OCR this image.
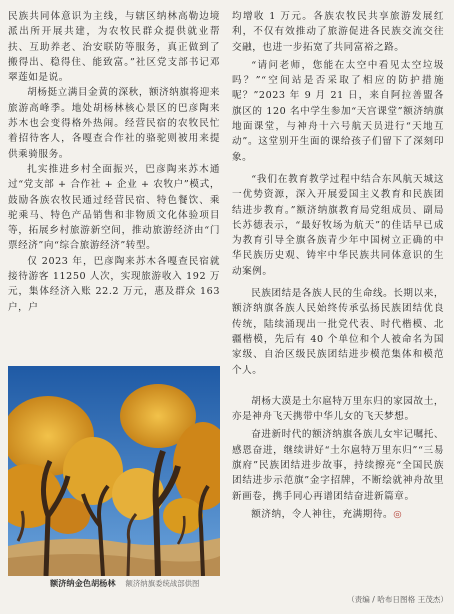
民族共同体意识为主线，与辖区纳林高勒边境派出所开展共建，为农牧民群众提供就业帮扶、互助养老、治安联防等服务，真正做到了搬得出、稳得住、能致富。”社区党支部书记邓翠莲如是说。

胡杨挺立满目金黄的深秋，额济纳旗将迎来旅游高峰季。地处胡杨林核心景区的巴彦陶来苏木也会变得格外热闹。经营民宿的农牧民忙着招待客人，各嘎查合作社的骆驼则被用来提供乘骑服务。

扎实推进乡村全面振兴，巴彦陶来苏木通过“党支部 + 合作社 + 企业 + 农牧户”模式，鼓励各族农牧民通过经营民宿、特色餐饮、乘驼乘马、特色产品销售和非物质文化体验项目等，拓展乡村旅游新空间，推动旅游经济由“门票经济”向“综合旅游经济”转型。

仅 2023 年，巴彦陶来苏木各嘎查民宿就接待游客 11250 人次，实现旅游收入 192 万元，集体经济入账 22.2 万元，惠及群众 163 户，户

额济纳金色胡杨林 额济纳旗委统战部供图

均增收 1 万元。各族农牧民共享旅游发展红利，不仅有效推动了旅游促进各民族交流交往交融，也进一步拓宽了共同富裕之路。

“请问老师，您能在太空中看见太空垃圾吗？”“空间站是否采取了相应的防护措施呢？”2023 年 9 月 21 日，来自阿拉善盟各旗区的 120 名中学生参加“天宫课堂”额济纳旗地面课堂，与神舟十六号航天员进行“天地互动”。这堂别开生面的课给孩子们留下了深刻印象。

“我们在教育教学过程中结合东风航天城这一优势资源，深入开展爱国主义教育和民族团结进步教育。”额济纳旗教育局党组成员、副局长苏德表示，“最好牧场为航天”的佳话早已成为教育引导全旗各族青少年中国树立正确的中华民族历史观、铸牢中华民族共同体意识的生动案例。

民族团结是各族人民的生命线。长期以来，额济纳旗各族人民始终传承弘扬民族团结优良传统，陆续涌现出一批党代表、时代楷模、北疆楷模，先后有 40 个单位和个人被命名为国家级、自治区级民族团结进步模范集体和模范个人。

胡杨大漠是土尔扈特万里东归的家园故土，亦是神舟飞天携带中华儿女的飞天梦想。

奋进新时代的额济纳旗各族儿女牢记嘱托、感恩奋进，继续讲好“土尔扈特万里东归”“三易旗府”民族团结进步故事，持续擦亮“全国民族团结进步示范旗”金字招牌，不断绘就神舟故里新画卷，携手同心再谱团结奋进新篇章。

额济纳，令人神往，充满期待。◎

（责编 / 哈布日图格 王茂杰）
